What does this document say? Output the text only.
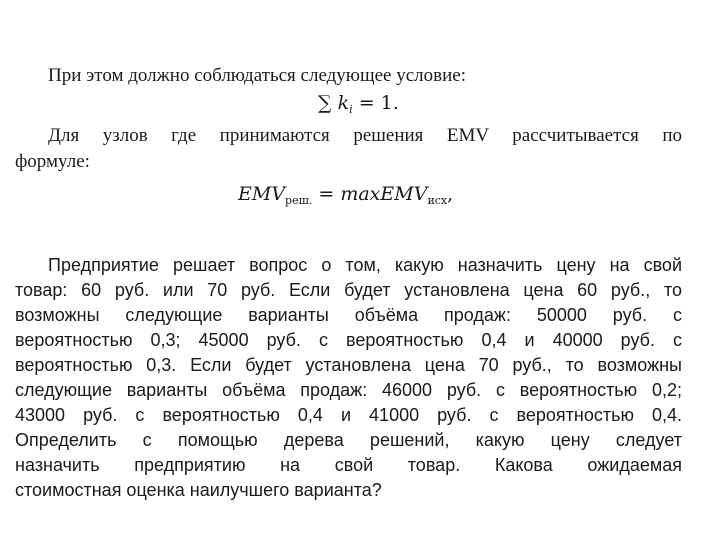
При этом должно соблюдаться следующее условие:
∑ $k_i = 1$.
Для узлов где принимаются решения EMV рассчитывается по
формуле:
$EMV_{реш.}$ = maxEMV$_{исх}$,
Предприятие решает вопрос о том, какую назначить цену на свой
товар: 60 руб. или 70 руб. Если будет установлена цена 60 руб., то
возможны следующие варианты объёма продаж: 50000 руб. с
вероятностью 0,3; 45000 руб. с вероятностью 0,4 и 40000 руб. с
вероятностью 0,3. Если будет установлена цена 70 руб., то возможны
следующие варианты объёма продаж: 46000 руб. с вероятностью 0,2;
43000 руб. с вероятностью 0,4 и 41000 руб. с вероятностью 0,4.
Определить с помощью дерева решений, какую цену следует
назначить предприятию на свой товар. Какова ожидаемая
стоимостная оценка наилучшего варианта?
